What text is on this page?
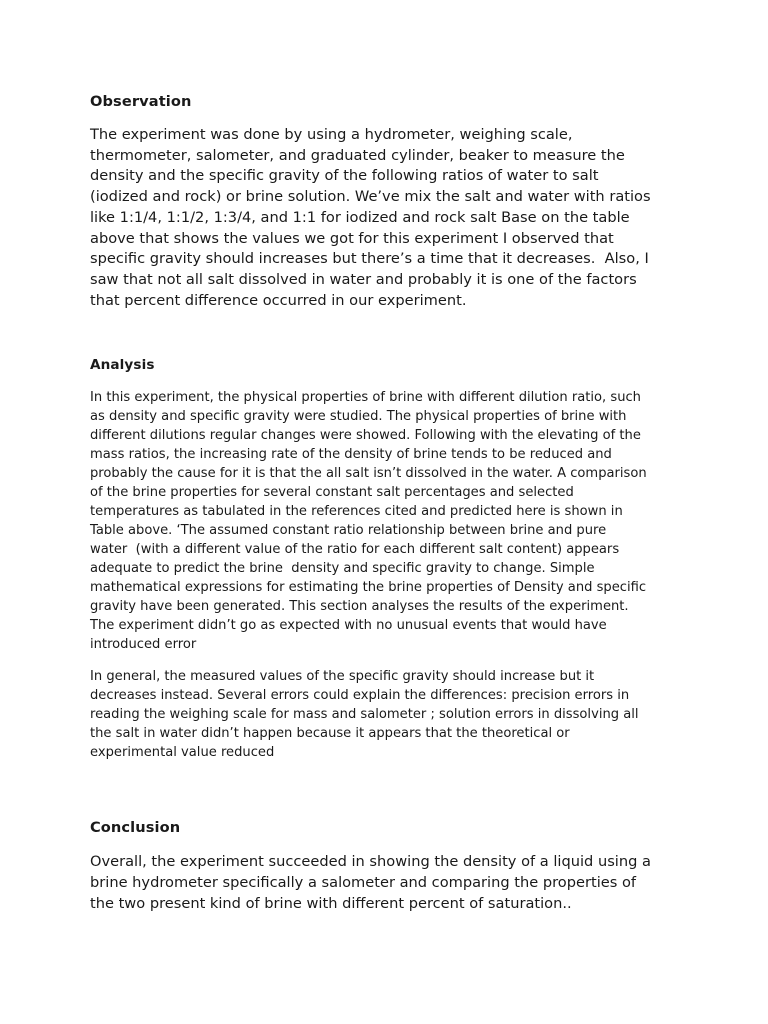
Observation
The experiment was done by using a hydrometer, weighing scale,
thermometer, salometer, and graduated cylinder, beaker to measure the
density and the specific gravity of the following ratios of water to salt
(iodized and rock) or brine solution. We’ve mix the salt and water with ratios
like 1:1/4, 1:1/2, 1:3/4, and 1:1 for iodized and rock salt Base on the table
above that shows the values we got for this experiment I observed that
specific gravity should increases but there’s a time that it decreases.  Also, I
saw that not all salt dissolved in water and probably it is one of the factors
that percent difference occurred in our experiment.
Analysis
In this experiment, the physical properties of brine with different dilution ratio, such
as density and specific gravity were studied. The physical properties of brine with
different dilutions regular changes were showed. Following with the elevating of the
mass ratios, the increasing rate of the density of brine tends to be reduced and
probably the cause for it is that the all salt isn’t dissolved in the water. A comparison
of the brine properties for several constant salt percentages and selected
temperatures as tabulated in the references cited and predicted here is shown in
Table above. ‘The assumed constant ratio relationship between brine and pure
water  (with a different value of the ratio for each different salt content) appears
adequate to predict the brine  density and specific gravity to change. Simple
mathematical expressions for estimating the brine properties of Density and specific
gravity have been generated. This section analyses the results of the experiment.
The experiment didn’t go as expected with no unusual events that would have
introduced error
In general, the measured values of the specific gravity should increase but it
decreases instead. Several errors could explain the differences: precision errors in
reading the weighing scale for mass and salometer ; solution errors in dissolving all
the salt in water didn’t happen because it appears that the theoretical or
experimental value reduced
Conclusion
Overall, the experiment succeeded in showing the density of a liquid using a
brine hydrometer specifically a salometer and comparing the properties of
the two present kind of brine with different percent of saturation..
